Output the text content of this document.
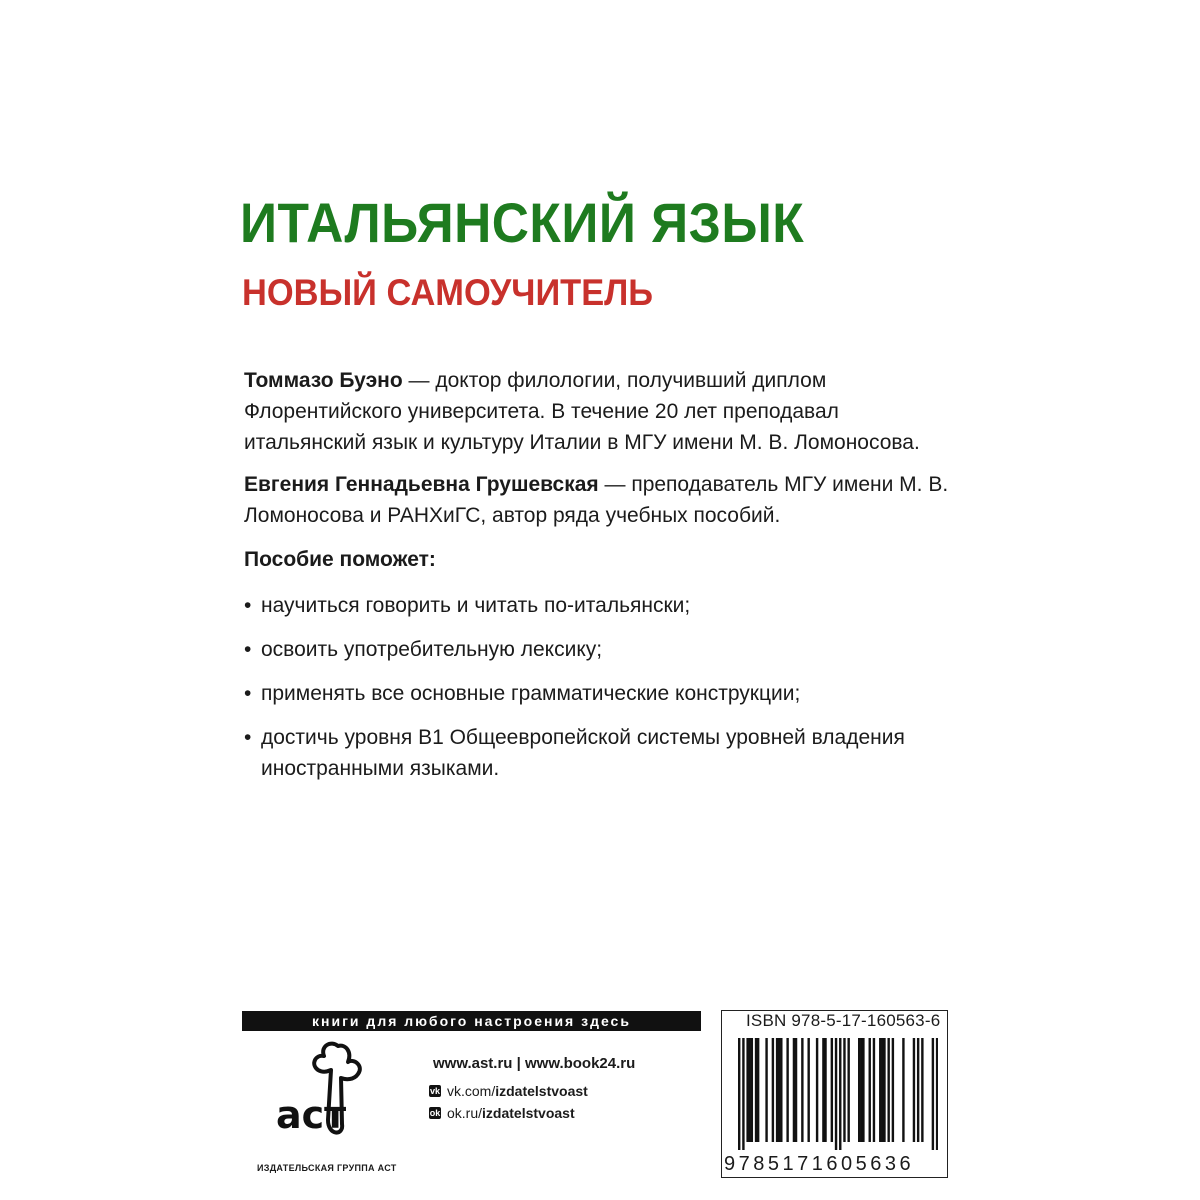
ИТАЛЬЯНСКИЙ ЯЗЫК
НОВЫЙ САМОУЧИТЕЛЬ

Томмазо Буэно — доктор филологии, получивший диплом Флорентийского университета. В течение 20 лет преподавал итальянский язык и культуру Италии в МГУ имени М. В. Ломоносова.

Евгения Геннадьевна Грушевская — преподаватель МГУ имени М. В. Ломоносова и РАНХиГС, автор ряда учебных пособий.

Пособие поможет:
• научиться говорить и читать по-итальянски;
• освоить употребительную лексику;
• применять все основные грамматические конструкции;
• достичь уровня B1 Общеевропейской системы уровней владения иностранными языками.
книги для любого настроения здесь
аст
ИЗДАТЕЛЬСКАЯ ГРУППА АСТ
www.ast.ru | www.book24.ru
vk vk.com/izdatelstvoast
ok ok.ru/izdatelstvoast
ISBN 978-5-17-160563-6
9785171605636
